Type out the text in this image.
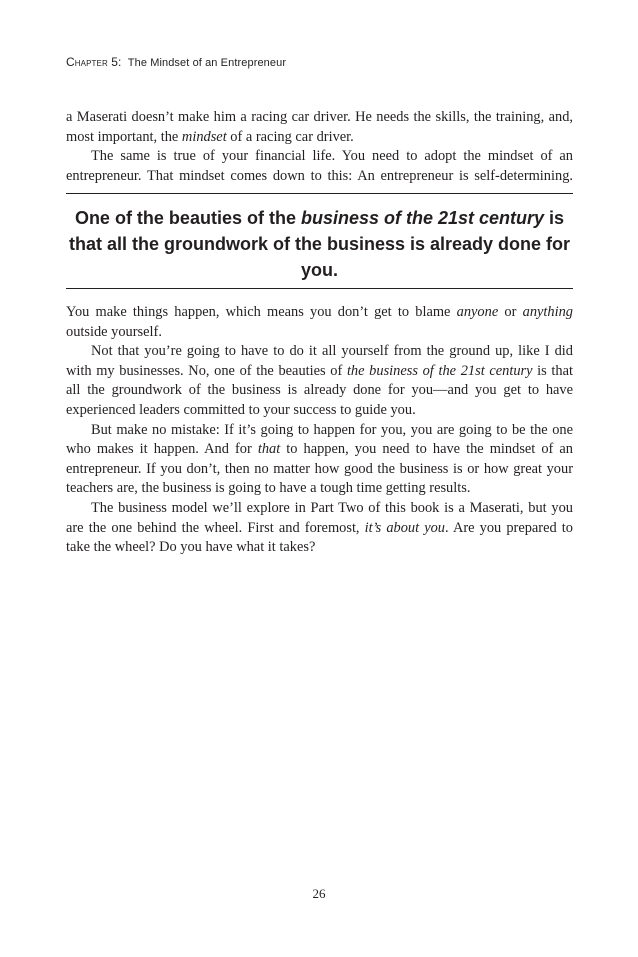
Chapter 5: The Mindset of an Entrepreneur

a Maserati doesn’t make him a racing car driver. He needs the skills, the training, and, most important, the mindset of a racing car driver.

The same is true of your financial life. You need to adopt the mindset of an entrepreneur. That mindset comes down to this: An entrepreneur is self-determining.

One of the beauties of the business of the 21st century is that all the groundwork of the business is already done for you.

You make things happen, which means you don’t get to blame anyone or anything outside yourself.

Not that you’re going to have to do it all yourself from the ground up, like I did with my businesses. No, one of the beauties of the business of the 21st century is that all the groundwork of the business is already done for you—and you get to have experienced leaders committed to your success to guide you.

But make no mistake: If it’s going to happen for you, you are going to be the one who makes it happen. And for that to happen, you need to have the mindset of an entrepreneur. If you don’t, then no matter how good the business is or how great your teachers are, the business is going to have a tough time getting results.

The business model we’ll explore in Part Two of this book is a Maserati, but you are the one behind the wheel. First and foremost, it’s about you. Are you prepared to take the wheel? Do you have what it takes?

26
